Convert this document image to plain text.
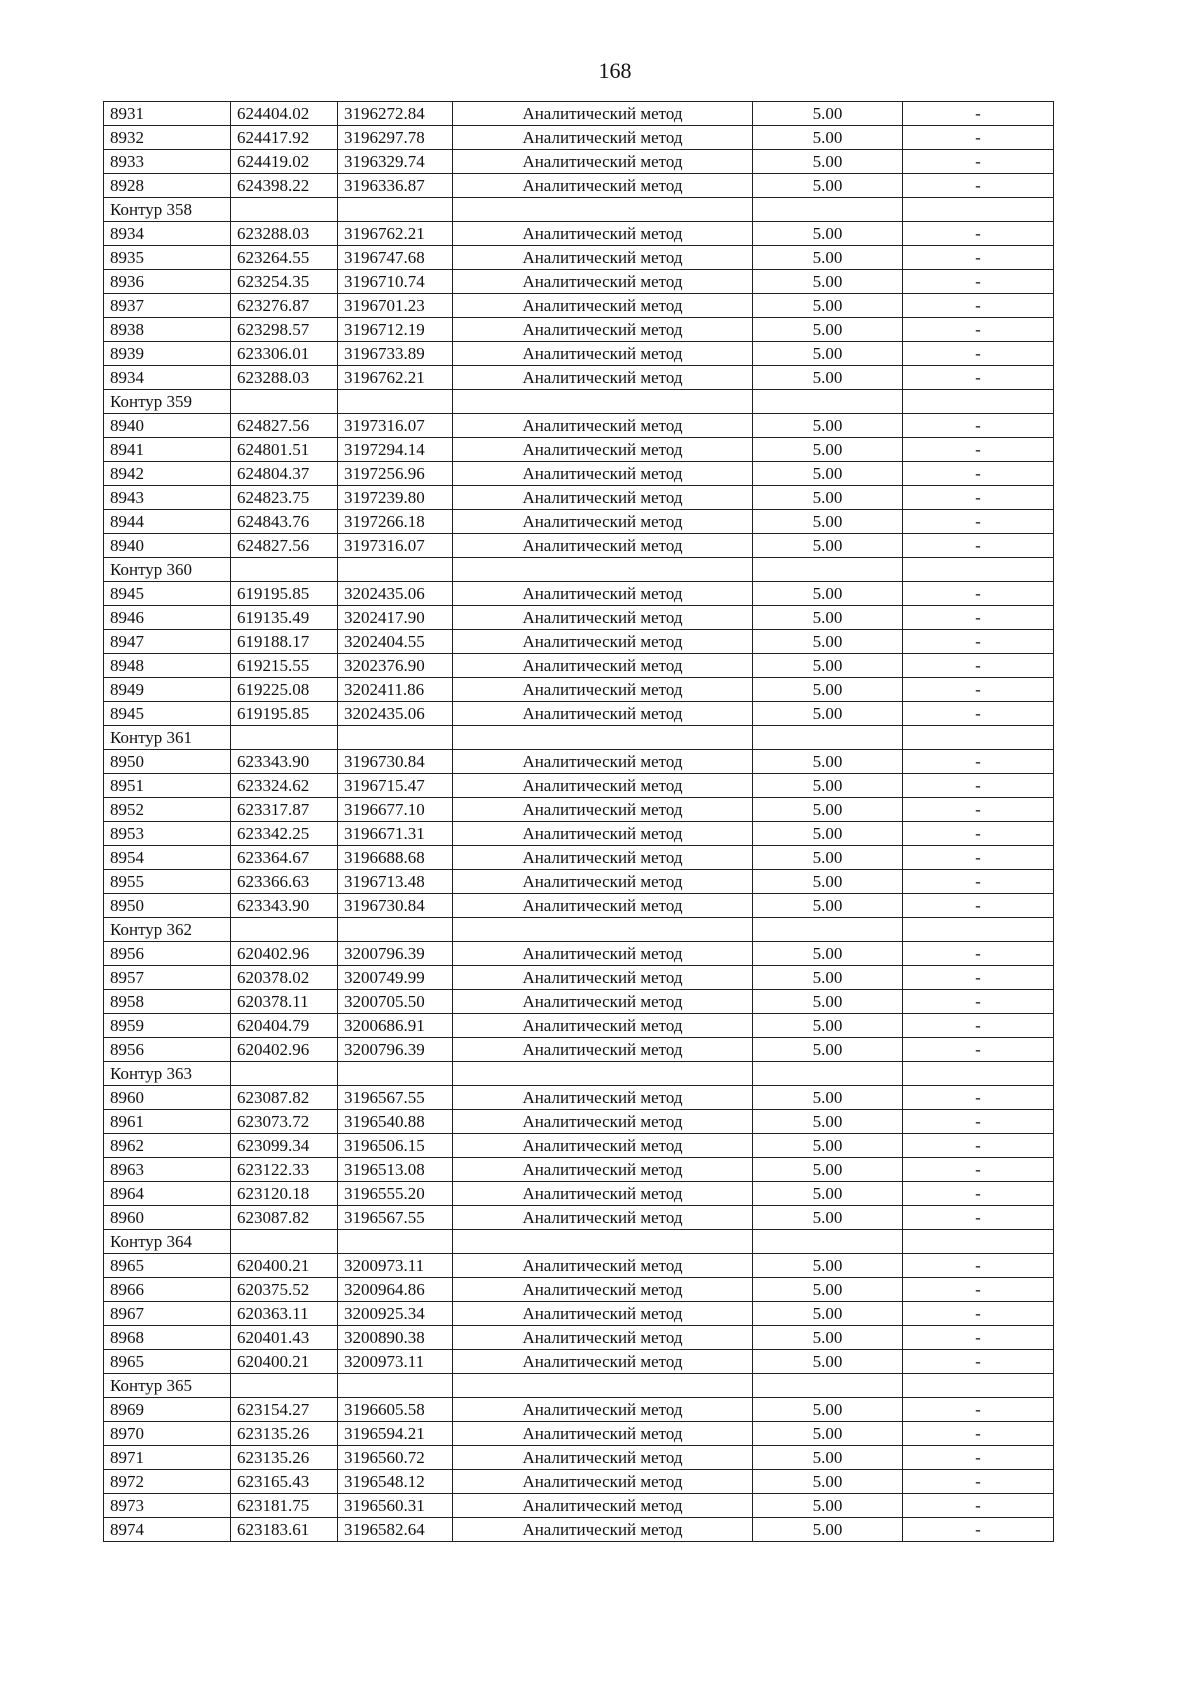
168
8931	624404.02	3196272.84	Аналитический метод	5.00	-
8932	624417.92	3196297.78	Аналитический метод	5.00	-
8933	624419.02	3196329.74	Аналитический метод	5.00	-
8928	624398.22	3196336.87	Аналитический метод	5.00	-
Контур 358					
8934	623288.03	3196762.21	Аналитический метод	5.00	-
8935	623264.55	3196747.68	Аналитический метод	5.00	-
8936	623254.35	3196710.74	Аналитический метод	5.00	-
8937	623276.87	3196701.23	Аналитический метод	5.00	-
8938	623298.57	3196712.19	Аналитический метод	5.00	-
8939	623306.01	3196733.89	Аналитический метод	5.00	-
8934	623288.03	3196762.21	Аналитический метод	5.00	-
Контур 359					
8940	624827.56	3197316.07	Аналитический метод	5.00	-
8941	624801.51	3197294.14	Аналитический метод	5.00	-
8942	624804.37	3197256.96	Аналитический метод	5.00	-
8943	624823.75	3197239.80	Аналитический метод	5.00	-
8944	624843.76	3197266.18	Аналитический метод	5.00	-
8940	624827.56	3197316.07	Аналитический метод	5.00	-
Контур 360					
8945	619195.85	3202435.06	Аналитический метод	5.00	-
8946	619135.49	3202417.90	Аналитический метод	5.00	-
8947	619188.17	3202404.55	Аналитический метод	5.00	-
8948	619215.55	3202376.90	Аналитический метод	5.00	-
8949	619225.08	3202411.86	Аналитический метод	5.00	-
8945	619195.85	3202435.06	Аналитический метод	5.00	-
Контур 361					
8950	623343.90	3196730.84	Аналитический метод	5.00	-
8951	623324.62	3196715.47	Аналитический метод	5.00	-
8952	623317.87	3196677.10	Аналитический метод	5.00	-
8953	623342.25	3196671.31	Аналитический метод	5.00	-
8954	623364.67	3196688.68	Аналитический метод	5.00	-
8955	623366.63	3196713.48	Аналитический метод	5.00	-
8950	623343.90	3196730.84	Аналитический метод	5.00	-
Контур 362					
8956	620402.96	3200796.39	Аналитический метод	5.00	-
8957	620378.02	3200749.99	Аналитический метод	5.00	-
8958	620378.11	3200705.50	Аналитический метод	5.00	-
8959	620404.79	3200686.91	Аналитический метод	5.00	-
8956	620402.96	3200796.39	Аналитический метод	5.00	-
Контур 363					
8960	623087.82	3196567.55	Аналитический метод	5.00	-
8961	623073.72	3196540.88	Аналитический метод	5.00	-
8962	623099.34	3196506.15	Аналитический метод	5.00	-
8963	623122.33	3196513.08	Аналитический метод	5.00	-
8964	623120.18	3196555.20	Аналитический метод	5.00	-
8960	623087.82	3196567.55	Аналитический метод	5.00	-
Контур 364					
8965	620400.21	3200973.11	Аналитический метод	5.00	-
8966	620375.52	3200964.86	Аналитический метод	5.00	-
8967	620363.11	3200925.34	Аналитический метод	5.00	-
8968	620401.43	3200890.38	Аналитический метод	5.00	-
8965	620400.21	3200973.11	Аналитический метод	5.00	-
Контур 365					
8969	623154.27	3196605.58	Аналитический метод	5.00	-
8970	623135.26	3196594.21	Аналитический метод	5.00	-
8971	623135.26	3196560.72	Аналитический метод	5.00	-
8972	623165.43	3196548.12	Аналитический метод	5.00	-
8973	623181.75	3196560.31	Аналитический метод	5.00	-
8974	623183.61	3196582.64	Аналитический метод	5.00	-
